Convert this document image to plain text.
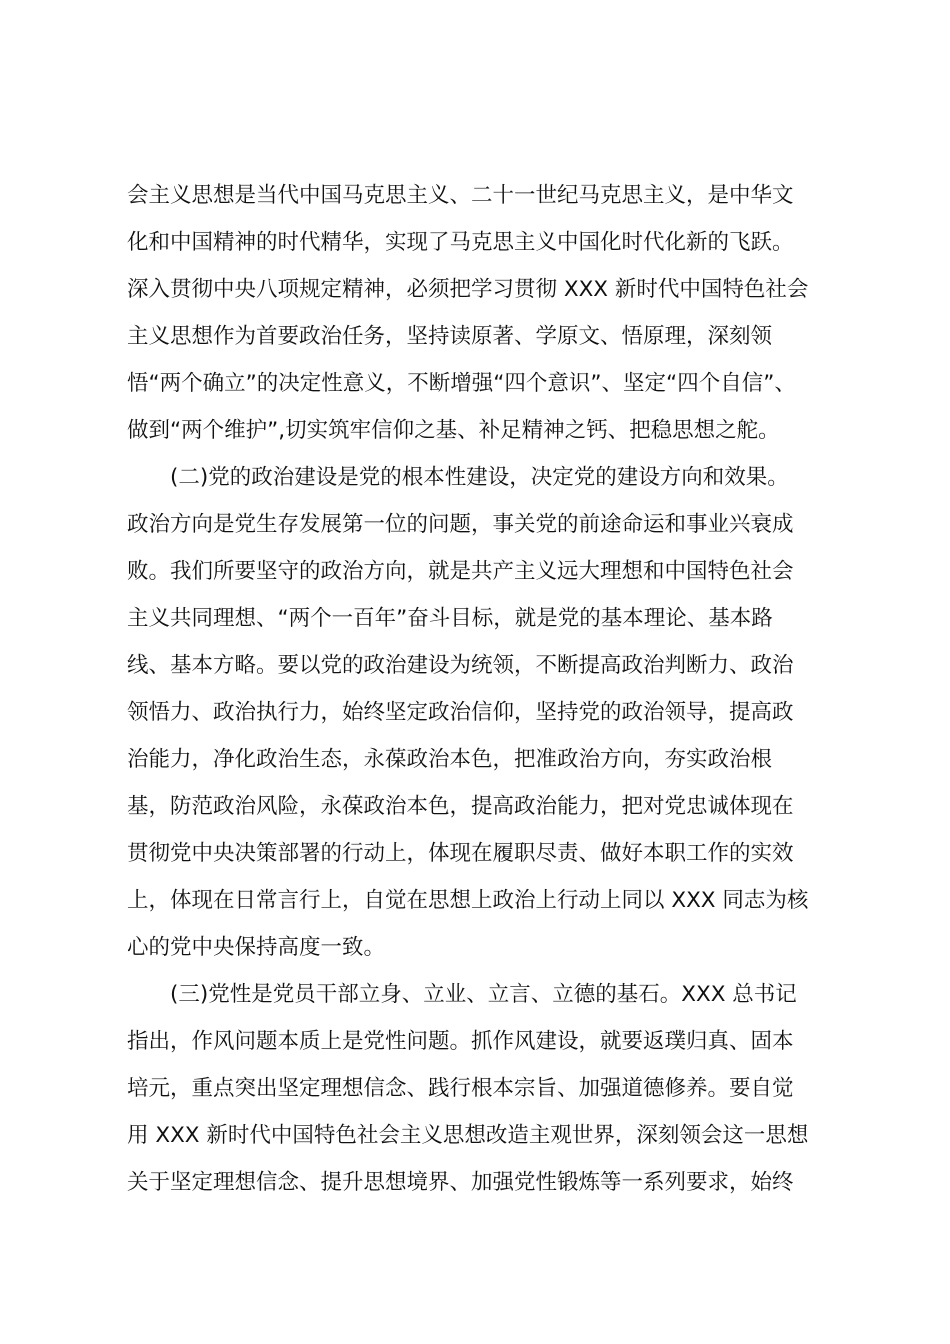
会主义思想是当代中国马克思主义、二十一世纪马克思主义，是中华文
化和中国精神的时代精华，实现了马克思主义中国化时代化新的飞跃。
深入贯彻中央八项规定精神，必须把学习贯彻 XXX 新时代中国特色社会
主义思想作为首要政治任务，坚持读原著、学原文、悟原理，深刻领
悟“两个确立”的决定性意义，不断增强“四个意识”、坚定“四个自信”、
做到“两个维护”,切实筑牢信仰之基、补足精神之钙、把稳思想之舵。
(二)党的政治建设是党的根本性建设，决定党的建设方向和效果。
政治方向是党生存发展第一位的问题，事关党的前途命运和事业兴衰成
败。我们所要坚守的政治方向，就是共产主义远大理想和中国特色社会
主义共同理想、“两个一百年”奋斗目标，就是党的基本理论、基本路
线、基本方略。要以党的政治建设为统领，不断提高政治判断力、政治
领悟力、政治执行力，始终坚定政治信仰，坚持党的政治领导，提高政
治能力，净化政治生态，永葆政治本色，把准政治方向，夯实政治根
基，防范政治风险，永葆政治本色，提高政治能力，把对党忠诚体现在
贯彻党中央决策部署的行动上，体现在履职尽责、做好本职工作的实效
上，体现在日常言行上，自觉在思想上政治上行动上同以 XXX 同志为核
心的党中央保持高度一致。
(三)党性是党员干部立身、立业、立言、立德的基石。XXX 总书记
指出，作风问题本质上是党性问题。抓作风建设，就要返璞归真、固本
培元，重点突出坚定理想信念、践行根本宗旨、加强道德修养。要自觉
用 XXX 新时代中国特色社会主义思想改造主观世界，深刻领会这一思想
关于坚定理想信念、提升思想境界、加强党性锻炼等一系列要求，始终
